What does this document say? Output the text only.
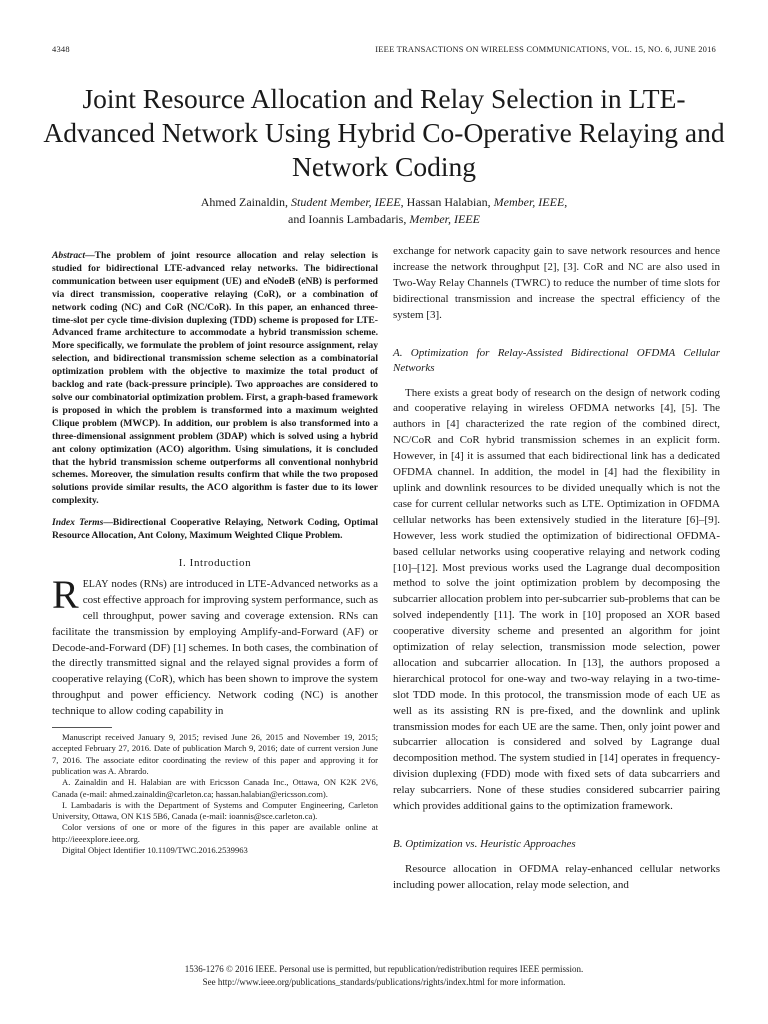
4348	IEEE TRANSACTIONS ON WIRELESS COMMUNICATIONS, VOL. 15, NO. 6, JUNE 2016
Joint Resource Allocation and Relay Selection in LTE-Advanced Network Using Hybrid Co-Operative Relaying and Network Coding
Ahmed Zainaldin, Student Member, IEEE, Hassan Halabian, Member, IEEE,
and Ioannis Lambadaris, Member, IEEE

Abstract—The problem of joint resource allocation and relay selection is studied for bidirectional LTE-advanced relay networks. The bidirectional communication between user equipment (UE) and eNodeB (eNB) is performed via direct transmission, cooperative relaying (CoR), or a combination of network coding (NC) and CoR (NC/CoR). In this paper, an enhanced three-time-slot per cycle time-division duplexing (TDD) scheme is proposed for LTE-Advanced frame architecture to accommodate a hybrid transmission scheme. More specifically, we formulate the problem of joint resource assignment, relay selection, and bidirectional transmission scheme selection as a combinatorial optimization problem with the objective to maximize the total product of backlog and rate (back-pressure principle). Two approaches are considered to solve our combinatorial optimization problem. First, a graph-based framework is proposed in which the problem is transformed into a maximum weighted Clique problem (MWCP). In addition, our problem is also transformed into a three-dimensional assignment problem (3DAP) which is solved using a hybrid ant colony optimization (ACO) algorithm. Using simulations, it is concluded that the hybrid transmission scheme outperforms all conventional nonhybrid schemes. Moreover, the simulation results confirm that while the two proposed solutions provide similar results, the ACO algorithm is faster due to its lower complexity.

Index Terms—Bidirectional Cooperative Relaying, Network Coding, Optimal Resource Allocation, Ant Colony, Maximum Weighted Clique Problem.

I. Introduction

RELAY nodes (RNs) are introduced in LTE-Advanced networks as a cost effective approach for improving system performance, such as cell throughput, power saving and coverage extension. RNs can facilitate the transmission by employing Amplify-and-Forward (AF) or Decode-and-Forward (DF) [1] schemes. In both cases, the combination of the directly transmitted signal and the relayed signal provides a form of cooperative relaying (CoR), which has been shown to improve the system throughput and power efficiency. Network coding (NC) is another technique to allow coding capability in

Manuscript received January 9, 2015; revised June 26, 2015 and November 19, 2015; accepted February 27, 2016. Date of publication March 9, 2016; date of current version June 7, 2016. The associate editor coordinating the review of this paper and approving it for publication was A. Abrardo.

A. Zainaldin and H. Halabian are with Ericsson Canada Inc., Ottawa, ON K2K 2V6, Canada (e-mail: ahmed.zainaldin@carleton.ca; hassan.halabian@ericsson.com).

I. Lambadaris is with the Department of Systems and Computer Engineering, Carleton University, Ottawa, ON K1S 5B6, Canada (e-mail: ioannis@sce.carleton.ca).

Color versions of one or more of the figures in this paper are available online at http://ieeexplore.ieee.org.

Digital Object Identifier 10.1109/TWC.2016.2539963

exchange for network capacity gain to save network resources and hence increase the network throughput [2], [3]. CoR and NC are also used in Two-Way Relay Channels (TWRC) to reduce the number of time slots for bidirectional transmission and increase the spectral efficiency of the system [3].

A. Optimization for Relay-Assisted Bidirectional OFDMA Cellular Networks

There exists a great body of research on the design of network coding and cooperative relaying in wireless OFDMA networks [4], [5]. The authors in [4] characterized the rate region of the combined direct, NC/CoR and CoR hybrid transmission schemes in an explicit form. However, in [4] it is assumed that each bidirectional link has a dedicated OFDMA channel. In addition, the model in [4] had the flexibility in uplink and downlink resources to be divided unequally which is not the case for current cellular networks such as LTE. Optimization in OFDMA cellular networks has been extensively studied in the literature [6]–[9]. However, less work studied the optimization of bidirectional OFDMA-based cellular networks using cooperative relaying and network coding [10]–[12]. Most previous works used the Lagrange dual decomposition method to solve the joint optimization problem by decomposing the subcarrier allocation problem into per-subcarrier sub-problems that can be solved independently [11]. The work in [10] proposed an XOR based cooperative diversity scheme and presented an algorithm for joint optimization of relay selection, transmission mode selection, power allocation and subcarrier allocation. In [13], the authors proposed a hierarchical protocol for one-way and two-way relaying in a two-time-slot TDD mode. In this protocol, the transmission mode of each UE as well as its assisting RN is pre-fixed, and the downlink and uplink transmission modes for each UE are the same. Then, only joint power and subcarrier allocation is considered and solved by Lagrange dual decomposition method. The system studied in [14] operates in frequency-division duplexing (FDD) mode with fixed sets of data subcarriers and relay subcarriers. None of these studies considered subcarrier pairing which provides additional gains to the optimization framework.

B. Optimization vs. Heuristic Approaches

Resource allocation in OFDMA relay-enhanced cellular networks including power allocation, relay mode selection, and

1536-1276 © 2016 IEEE. Personal use is permitted, but republication/redistribution requires IEEE permission.
See http://www.ieee.org/publications_standards/publications/rights/index.html for more information.
